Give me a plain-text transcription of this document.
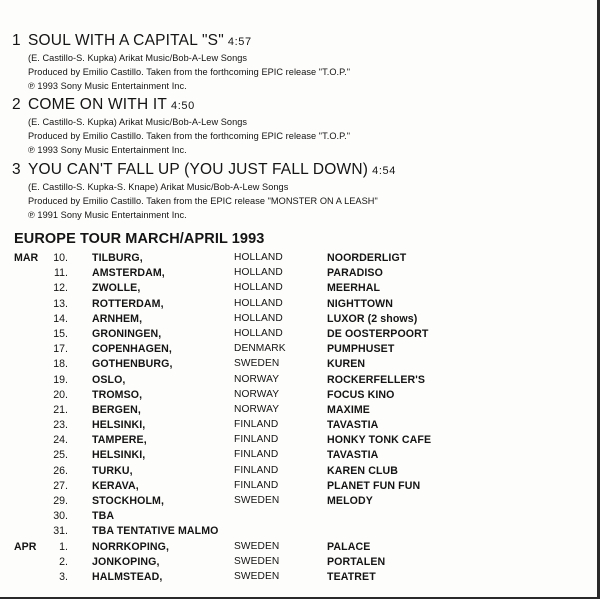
1 SOUL WITH A CAPITAL "S" 4:57
(E. Castillo-S. Kupka) Arikat Music/Bob-A-Lew Songs
Produced by Emilio Castillo. Taken from the forthcoming EPIC release "T.O.P."
℗ 1993 Sony Music Entertainment Inc.
2 COME ON WITH IT 4:50
(E. Castillo-S. Kupka) Arikat Music/Bob-A-Lew Songs
Produced by Emilio Castillo. Taken from the forthcoming EPIC release "T.O.P."
℗ 1993 Sony Music Entertainment Inc.
3 YOU CAN'T FALL UP (YOU JUST FALL DOWN) 4:54
(E. Castillo-S. Kupka-S. Knape) Arikat Music/Bob-A-Lew Songs
Produced by Emilio Castillo. Taken from the EPIC release "MONSTER ON A LEASH"
℗ 1991 Sony Music Entertainment Inc.
EUROPE TOUR MARCH/APRIL 1993
MAR 10. TILBURG,	HOLLAND	NOORDERLIGT
11. AMSTERDAM,	HOLLAND	PARADISO
12. ZWOLLE,	HOLLAND	MEERHAL
13. ROTTERDAM,	HOLLAND	NIGHTTOWN
14. ARNHEM,	HOLLAND	LUXOR (2 shows)
15. GRONINGEN,	HOLLAND	DE OOSTERPOORT
17. COPENHAGEN,	DENMARK	PUMPHUSET
18. GOTHENBURG,	SWEDEN	KUREN
19. OSLO,	NORWAY	ROCKERFELLER'S
20. TROMSO,	NORWAY	FOCUS KINO
21. BERGEN,	NORWAY	MAXIME
23. HELSINKI,	FINLAND	TAVASTIA
24. TAMPERE,	FINLAND	HONKY TONK CAFE
25. HELSINKI,	FINLAND	TAVASTIA
26. TURKU,	FINLAND	KAREN CLUB
27. KERAVA,	FINLAND	PLANET FUN FUN
29. STOCKHOLM,	SWEDEN	MELODY
30. TBA
31. TBA TENTATIVE MALMO
APR	1. NORRKOPING,	SWEDEN	PALACE
2. JONKOPING,	SWEDEN	PORTALEN
3. HALMSTEAD,	SWEDEN	TEATRET
